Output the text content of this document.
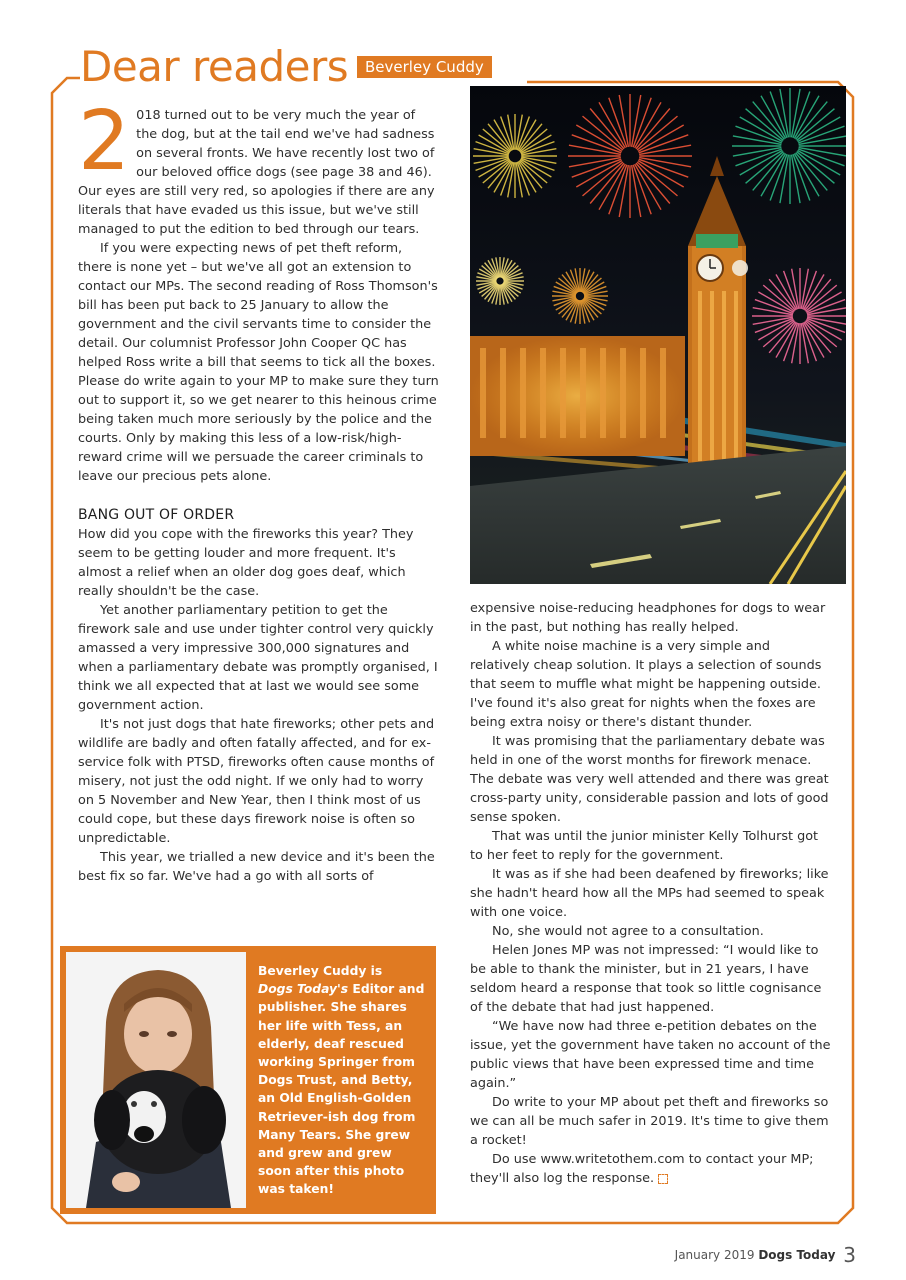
Dear readers	Beverley Cuddy

2 018 turned out to be very much the year of the dog, but at the tail end we've had sadness on several fronts. We have recently lost two of our beloved office dogs (see page 38 and 46). Our eyes are still very red, so apologies if there are any literals that have evaded us this issue, but we've still managed to put the edition to bed through our tears.

If you were expecting news of pet theft reform, there is none yet – but we've all got an extension to contact our MPs. The second reading of Ross Thomson's bill has been put back to 25 January to allow the government and the civil servants time to consider the detail. Our columnist Professor John Cooper QC has helped Ross write a bill that seems to tick all the boxes. Please do write again to your MP to make sure they turn out to support it, so we get nearer to this heinous crime being taken much more seriously by the police and the courts. Only by making this less of a low-risk/high-reward crime will we persuade the career criminals to leave our precious pets alone.

BANG OUT OF ORDER

How did you cope with the fireworks this year? They seem to be getting louder and more frequent. It's almost a relief when an older dog goes deaf, which really shouldn't be the case.

Yet another parliamentary petition to get the firework sale and use under tighter control very quickly amassed a very impressive 300,000 signatures and when a parliamentary debate was promptly organised, I think we all expected that at last we would see some government action.

It's not just dogs that hate fireworks; other pets and wildlife are badly and often fatally affected, and for ex-service folk with PTSD, fireworks often cause months of misery, not just the odd night. If we only had to worry on 5 November and New Year, then I think most of us could cope, but these days firework noise is often so unpredictable.

This year, we trialled a new device and it's been the best fix so far. We've had a go with all sorts of

expensive noise-reducing headphones for dogs to wear in the past, but nothing has really helped.

A white noise machine is a very simple and relatively cheap solution. It plays a selection of sounds that seem to muffle what might be happening outside. I've found it's also great for nights when the foxes are being extra noisy or there's distant thunder.

It was promising that the parliamentary debate was held in one of the worst months for firework menace. The debate was very well attended and there was great cross-party unity, considerable passion and lots of good sense spoken.

That was until the junior minister Kelly Tolhurst got to her feet to reply for the government.

It was as if she had been deafened by fireworks; like she hadn't heard how all the MPs had seemed to speak with one voice.

No, she would not agree to a consultation.

Helen Jones MP was not impressed: “I would like to be able to thank the minister, but in 21 years, I have seldom heard a response that took so little cognisance of the debate that had just happened.

“We have now had three e-petition debates on the issue, yet the government have taken no account of the public views that have been expressed time and time again.”

Do write to your MP about pet theft and fireworks so we can all be much safer in 2019. It's time to give them a rocket!

Do use www.writetothem.com to contact your MP; they'll also log the response.

Beverley Cuddy is
Dogs Today's Editor and publisher. She shares her life with Tess, an elderly, deaf rescued working Springer from Dogs Trust, and Betty, an Old English-Golden Retriever-ish dog from Many Tears. She grew and grew and grew soon after this photo was taken!
January 2019 Dogs Today 3
